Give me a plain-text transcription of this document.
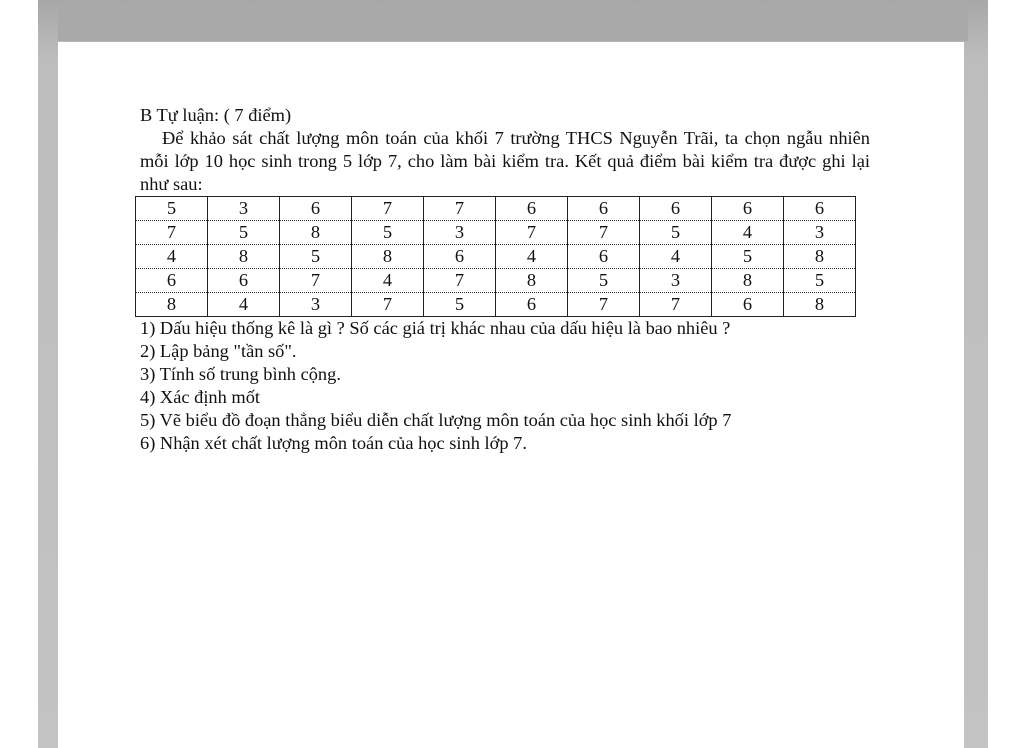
B Tự luận: ( 7 điểm)

Để khảo sát chất lượng môn toán của khối 7 trường THCS Nguyễn Trãi, ta chọn ngẫu nhiên mỗi lớp 10 học sinh trong 5 lớp 7, cho làm bài kiểm tra. Kết quả điểm bài kiểm tra được ghi lại như sau:

5	3	6	7	7	6	6	6	6	6
7	5	8	5	3	7	7	5	4	3
4	8	5	8	6	4	6	4	5	8
6	6	7	4	7	8	5	3	8	5
8	4	3	7	5	6	7	7	6	8

1) Dấu hiệu thống kê là gì ? Số các giá trị khác nhau của dấu hiệu là bao nhiêu ?

2) Lập bảng "tần số".

3) Tính số trung bình cộng.

4) Xác định mốt

5) Vẽ biểu đồ đoạn thẳng biểu diễn chất lượng môn toán của học sinh khối lớp 7

6) Nhận xét chất lượng môn toán của học sinh lớp 7.
